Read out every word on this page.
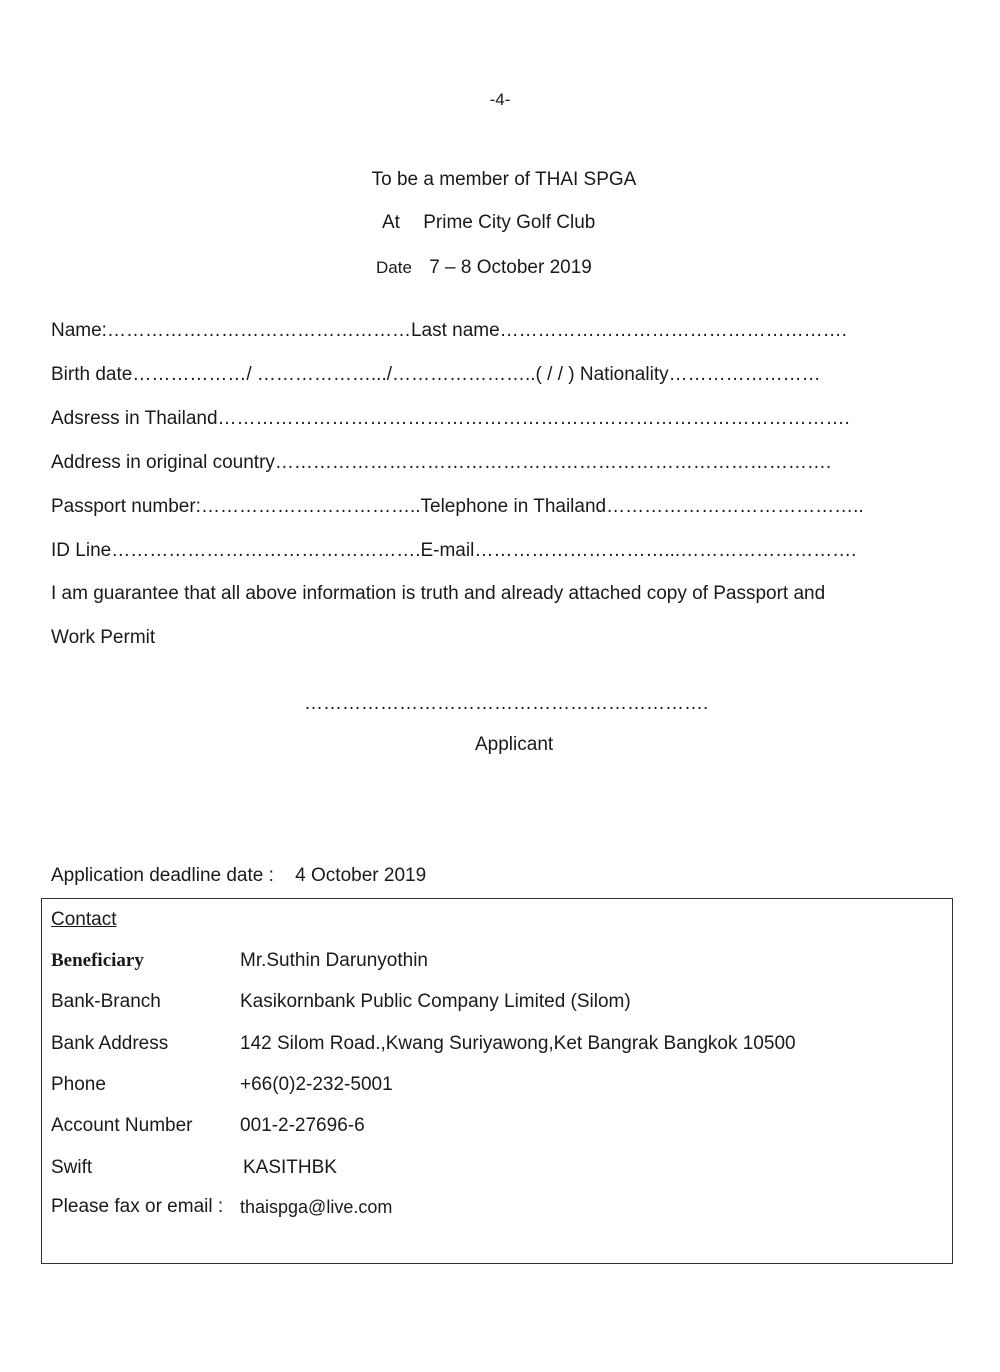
-4-
To be a member of THAI SPGA
At Prime City Golf Club
Date 7 – 8 October 2019
Name:…………………………………………Last name……………………………………………….
Birth date………………/ ……………….../…………………..( / / ) Nationality……………………
Adsress in Thailand……………………………………………………………………………………….
Address in original country…………………………………………………………………………….
Passport number:……………………………..Telephone in Thailand…………………………………..
ID Line………………………………………….E-mail…………………………...……………………….
I am guarantee that all above information is truth and already attached copy of Passport and
Work Permit
……………………………………………………….
Applicant
Application deadline date : 4 October 2019
Contact
Beneficiary	Mr.Suthin Darunyothin
Bank-Branch	Kasikornbank Public Company Limited (Silom)
Bank Address	142 Silom Road.,Kwang Suriyawong,Ket Bangrak Bangkok 10500
Phone	+66(0)2-232-5001
Account Number 001-2-27696-6
Swift	KASITHBK
Please fax or email : thaispga@live.com
